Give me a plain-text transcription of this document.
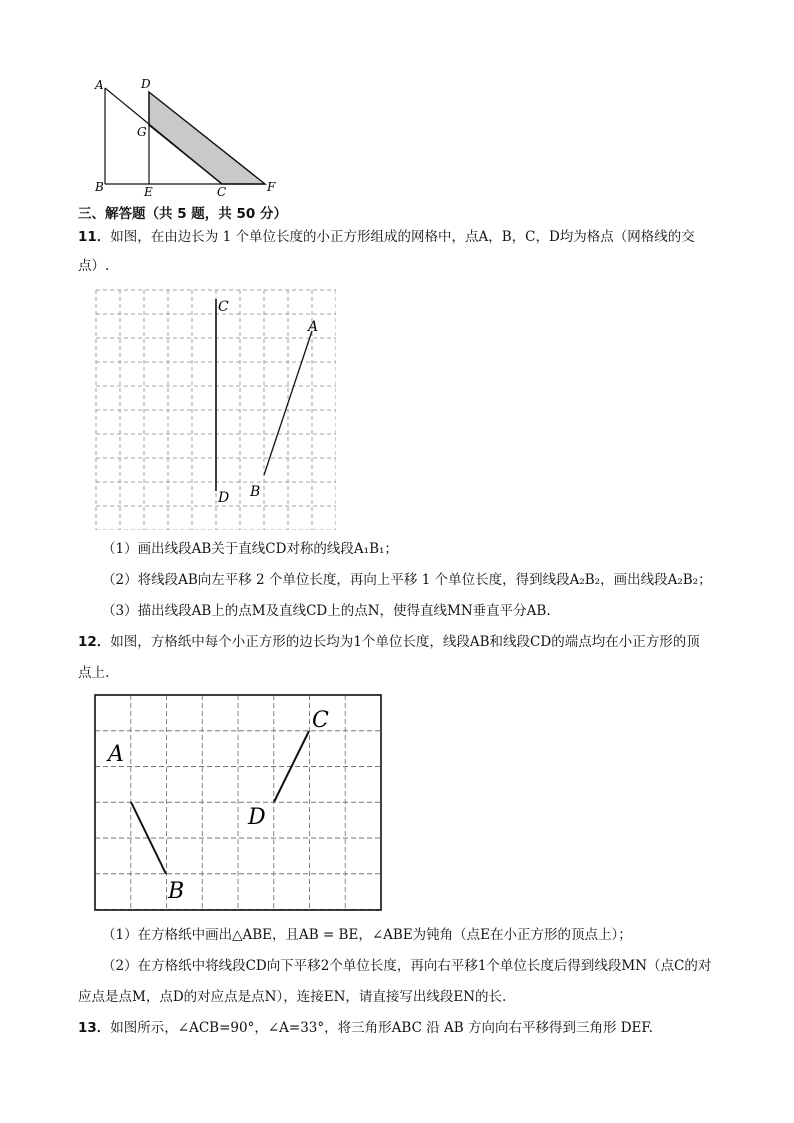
A
B	C
D
E	F
G
三、解答题（共 5 题，共 50 分）
11．如图，在由边长为 1 个单位长度的小正方形组成的网格中，点A，B，C，D均为格点（网格线的交
点）.
C
D
A
B
（1）画出线段AB关于直线CD对称的线段A₁B₁；
（2）将线段AB向左平移 2 个单位长度，再向上平移 1 个单位长度，得到线段A₂B₂，画出线段A₂B₂；
（3）描出线段AB上的点M及直线CD上的点N，使得直线MN垂直平分AB.
12．如图，方格纸中每个小正方形的边长均为1个单位长度，线段AB和线段CD的端点均在小正方形的顶
点上.
A
B
C
D
（1）在方格纸中画出△ABE，且AB = BE，∠ABE为钝角（点E在小正方形的顶点上）；
（2）在方格纸中将线段CD向下平移2个单位长度，再向右平移1个单位长度后得到线段MN（点C的对
应点是点M，点D的对应点是点N），连接EN，请直接写出线段EN的长.
13．如图所示，∠ACB=90°，∠A=33°，将三角形ABC 沿 AB 方向向右平移得到三角形 DEF.
